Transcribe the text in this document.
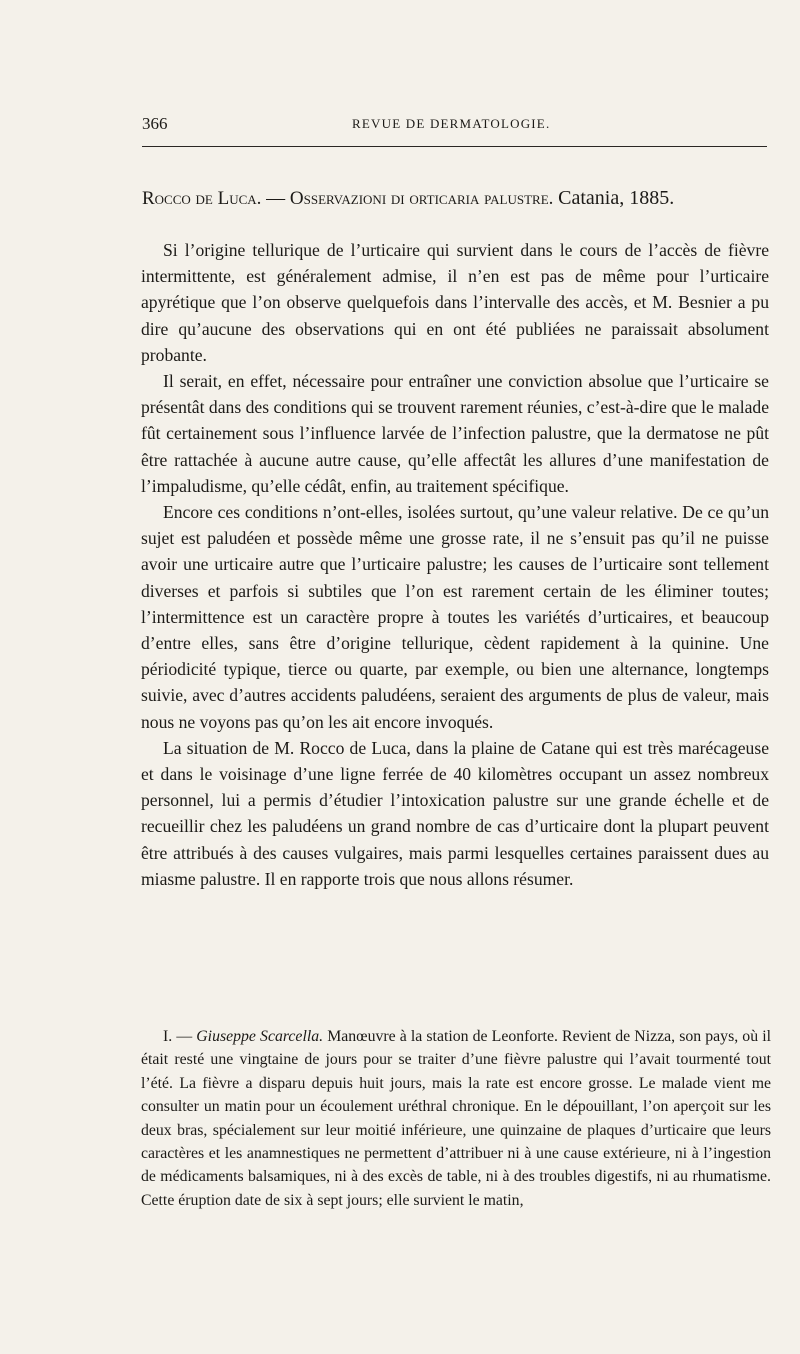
366	REVUE DE DERMATOLOGIE.
Rocco de Luca. — Osservazioni di orticaria palustre. Catania, 1885.

Si l’origine tellurique de l’urticaire qui survient dans le cours de l’accès de fièvre intermittente, est généralement admise, il n’en est pas de même pour l’urticaire apyrétique que l’on observe quelquefois dans l’intervalle des accès, et M. Besnier a pu dire qu’aucune des observations qui en ont été publiées ne paraissait absolument probante.

Il serait, en effet, nécessaire pour entraîner une conviction absolue que l’urticaire se présentât dans des conditions qui se trouvent rarement réunies, c’est-à-dire que le malade fût certainement sous l’influence larvée de l’infection palustre, que la dermatose ne pût être rattachée à aucune autre cause, qu’elle affectât les allures d’une manifestation de l’impaludisme, qu’elle cédât, enfin, au traitement spécifique.

Encore ces conditions n’ont-elles, isolées surtout, qu’une valeur relative. De ce qu’un sujet est paludéen et possède même une grosse rate, il ne s’ensuit pas qu’il ne puisse avoir une urticaire autre que l’urticaire palustre; les causes de l’urticaire sont tellement diverses et parfois si subtiles que l’on est rarement certain de les éliminer toutes; l’intermittence est un caractère propre à toutes les variétés d’urticaires, et beaucoup d’entre elles, sans être d’origine tellurique, cèdent rapidement à la quinine. Une périodicité typique, tierce ou quarte, par exemple, ou bien une alternance, longtemps suivie, avec d’autres accidents paludéens, seraient des arguments de plus de valeur, mais nous ne voyons pas qu’on les ait encore invoqués.

La situation de M. Rocco de Luca, dans la plaine de Catane qui est très marécageuse et dans le voisinage d’une ligne ferrée de 40 kilomètres occupant un assez nombreux personnel, lui a permis d’étudier l’intoxication palustre sur une grande échelle et de recueillir chez les paludéens un grand nombre de cas d’urticaire dont la plupart peuvent être attribués à des causes vulgaires, mais parmi lesquelles certaines paraissent dues au miasme palustre. Il en rapporte trois que nous allons résumer.

I. — Giuseppe Scarcella. Manœuvre à la station de Leonforte. Revient de Nizza, son pays, où il était resté une vingtaine de jours pour se traiter d’une fièvre palustre qui l’avait tourmenté tout l’été. La fièvre a disparu depuis huit jours, mais la rate est encore grosse. Le malade vient me consulter un matin pour un écoulement uréthral chronique. En le dépouillant, l’on aperçoit sur les deux bras, spécialement sur leur moitié inférieure, une quinzaine de plaques d’urticaire que leurs caractères et les anamnestiques ne permettent d’attribuer ni à une cause extérieure, ni à l’ingestion de médicaments balsamiques, ni à des excès de table, ni à des troubles digestifs, ni au rhumatisme. Cette éruption date de six à sept jours; elle survient le matin,
